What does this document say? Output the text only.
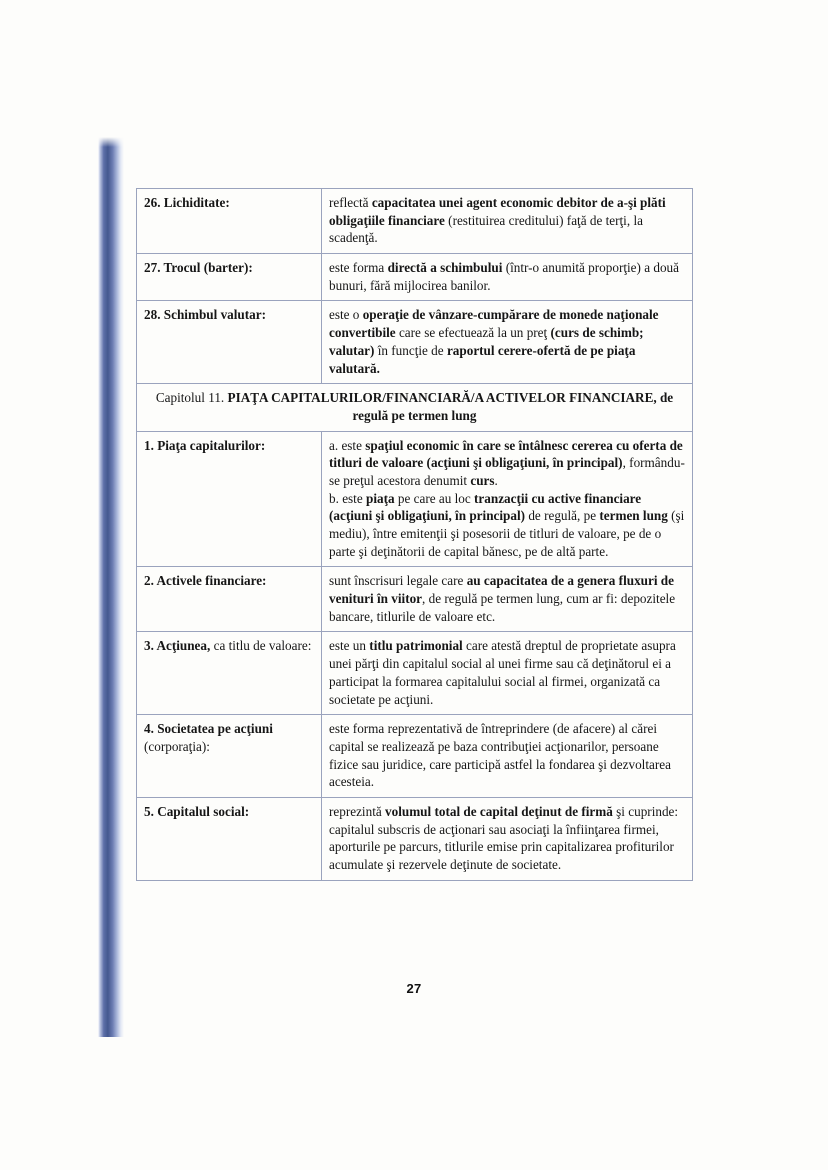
26. Lichiditate:	reflectă capacitatea unei agent economic debitor de a-şi plăti obligaţiile financiare (restituirea creditului) faţă de terţi, la scadenţă.
27. Trocul (barter):	este forma directă a schimbului (într-o anumită proporţie) a două bunuri, fără mijlocirea banilor.
28. Schimbul valutar:	este o operaţie de vânzare-cumpărare de monede naţionale convertibile care se efectuează la un preţ (curs de schimb; valutar) în funcţie de raportul cerere-ofertă de pe piaţa valutară.
Capitolul 11. PIAŢA CAPITALURILOR/FINANCIARĂ/A ACTIVELOR FINANCIARE, de regulă pe termen lung	
1. Piaţa capitalurilor:	a. este spaţiul economic în care se întâlnesc cererea cu oferta de titluri de valoare (acţiuni şi obligaţiuni, în principal), formându-se preţul acestora denumit curs.
b. este piaţa pe care au loc tranzacţii cu active financiare (acţiuni şi obligaţiuni, în principal) de regulă, pe termen lung (şi mediu), între emitenţii şi posesorii de titluri de valoare, pe de o parte şi deţinătorii de capital bănesc, pe de altă parte.
2. Activele financiare:	sunt înscrisuri legale care au capacitatea de a genera fluxuri de venituri în viitor, de regulă pe termen lung, cum ar fi: depozitele bancare, titlurile de valoare etc.
3. Acţiunea, ca titlu de valoare:	este un titlu patrimonial care atestă dreptul de proprietate asupra unei părţi din capitalul social al unei firme sau că deţinătorul ei a participat la formarea capitalului social al firmei, organizată ca societate pe acţiuni.
4. Societatea pe acţiuni (corporaţia):	este forma reprezentativă de întreprindere (de afacere) al cărei capital se realizează pe baza contribuţiei acţionarilor, persoane fizice sau juridice, care participă astfel la fondarea şi dezvoltarea acesteia.
5. Capitalul social:	reprezintă volumul total de capital deţinut de firmă şi cuprinde: capitalul subscris de acţionari sau asociaţi la înfiinţarea firmei, aporturile pe parcurs, titlurile emise prin capitalizarea profiturilor acumulate şi rezervele deţinute de societate.
27
